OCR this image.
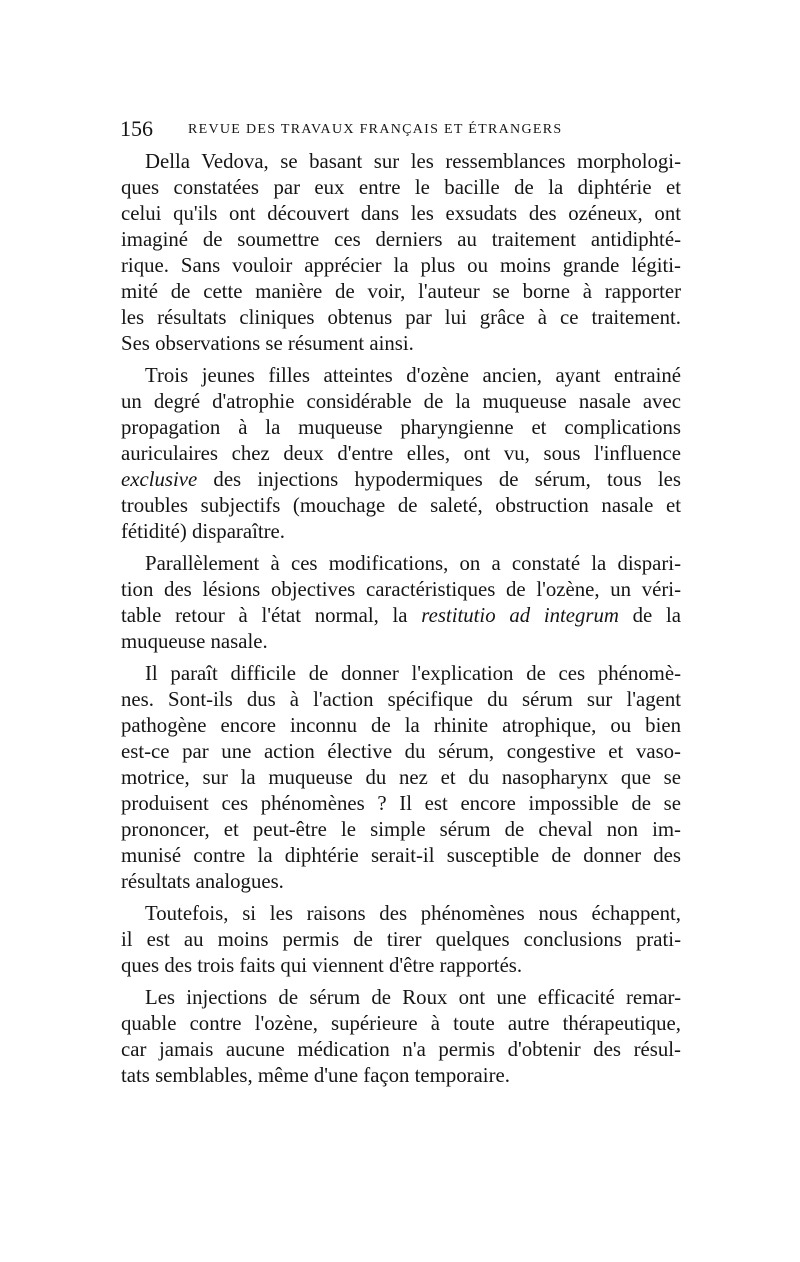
156	REVUE DES TRAVAUX FRANÇAIS ET ÉTRANGERS
Della Vedova, se basant sur les ressemblances morphologi-
ques constatées par eux entre le bacille de la diphtérie et
celui qu'ils ont découvert dans les exsudats des ozéneux, ont
imaginé de soumettre ces derniers au traitement antidiphté-
rique. Sans vouloir apprécier la plus ou moins grande légiti-
mité de cette manière de voir, l'auteur se borne à rapporter
les résultats cliniques obtenus par lui grâce à ce traitement.
Ses observations se résument ainsi.
Trois jeunes filles atteintes d'ozène ancien, ayant entrainé
un degré d'atrophie considérable de la muqueuse nasale avec
propagation à la muqueuse pharyngienne et complications
auriculaires chez deux d'entre elles, ont vu, sous l'influence
exclusive des injections hypodermiques de sérum, tous les
troubles subjectifs (mouchage de saleté, obstruction nasale et
fétidité) disparaître.
Parallèlement à ces modifications, on a constaté la dispari-
tion des lésions objectives caractéristiques de l'ozène, un véri-
table retour à l'état normal, la restitutio ad integrum de la
muqueuse nasale.
Il paraît difficile de donner l'explication de ces phénomè-
nes. Sont-ils dus à l'action spécifique du sérum sur l'agent
pathogène encore inconnu de la rhinite atrophique, ou bien
est-ce par une action élective du sérum, congestive et vaso-
motrice, sur la muqueuse du nez et du nasopharynx que se
produisent ces phénomènes ? Il est encore impossible de se
prononcer, et peut-être le simple sérum de cheval non im-
munisé contre la diphtérie serait-il susceptible de donner des
résultats analogues.
Toutefois, si les raisons des phénomènes nous échappent,
il est au moins permis de tirer quelques conclusions prati-
ques des trois faits qui viennent d'être rapportés.
Les injections de sérum de Roux ont une efficacité remar-
quable contre l'ozène, supérieure à toute autre thérapeutique,
car jamais aucune médication n'a permis d'obtenir des résul-
tats semblables, même d'une façon temporaire.
